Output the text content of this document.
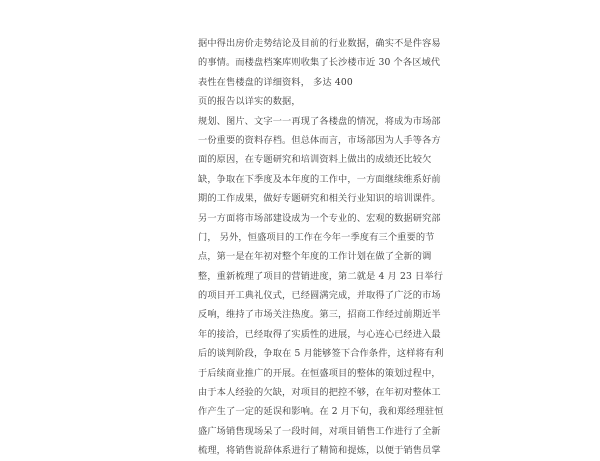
据中得出房价走势结论及目前的行业数据，确实不是件容易
的事情。而楼盘档案库则收集了长沙楼市近 30 个各区域代
表性在售楼盘的详细资料， 多达 400
页的报告以详实的数据，
规划、图片、文字一一再现了各楼盘的情况，将成为市场部
一份重要的资料存档。但总体而言，市场部因为人手等各方
面的原因，在专题研究和培训资料上做出的成绩还比较欠
缺，争取在下季度及本年度的工作中，一方面继续维系好前
期的工作成果，做好专题研究和相关行业知识的培训课件。
另一方面将市场部建设成为一个专业的、宏观的数据研究部
门， 另外，恒盛项目的工作在今年一季度有三个重要的节
点，第一是在年初对整个年度的工作计划在做了全新的调
整，重新梳理了项目的营销进度，第二就是 4 月 23 日举行
的项目开工典礼仪式，已经圆满完成，并取得了广泛的市场
反响，维持了市场关注热度。第三，招商工作经过前期近半
年的接洽，已经取得了实质性的进展，与心连心已经进入最
后的谈判阶段，争取在 5 月能够签下合作条件，这样将有利
于后续商业推广的开展。在恒盛项目的整体的策划过程中，
由于本人经验的欠缺，对项目的把控不够，在年初对整体工
作产生了一定的延误和影响。在 2 月下旬，我和郑经理驻恒
盛广场销售现场呆了一段时间，对项目销售工作进行了全新
梳理，将销售说辞体系进行了精简和提炼，以便于销售员掌
